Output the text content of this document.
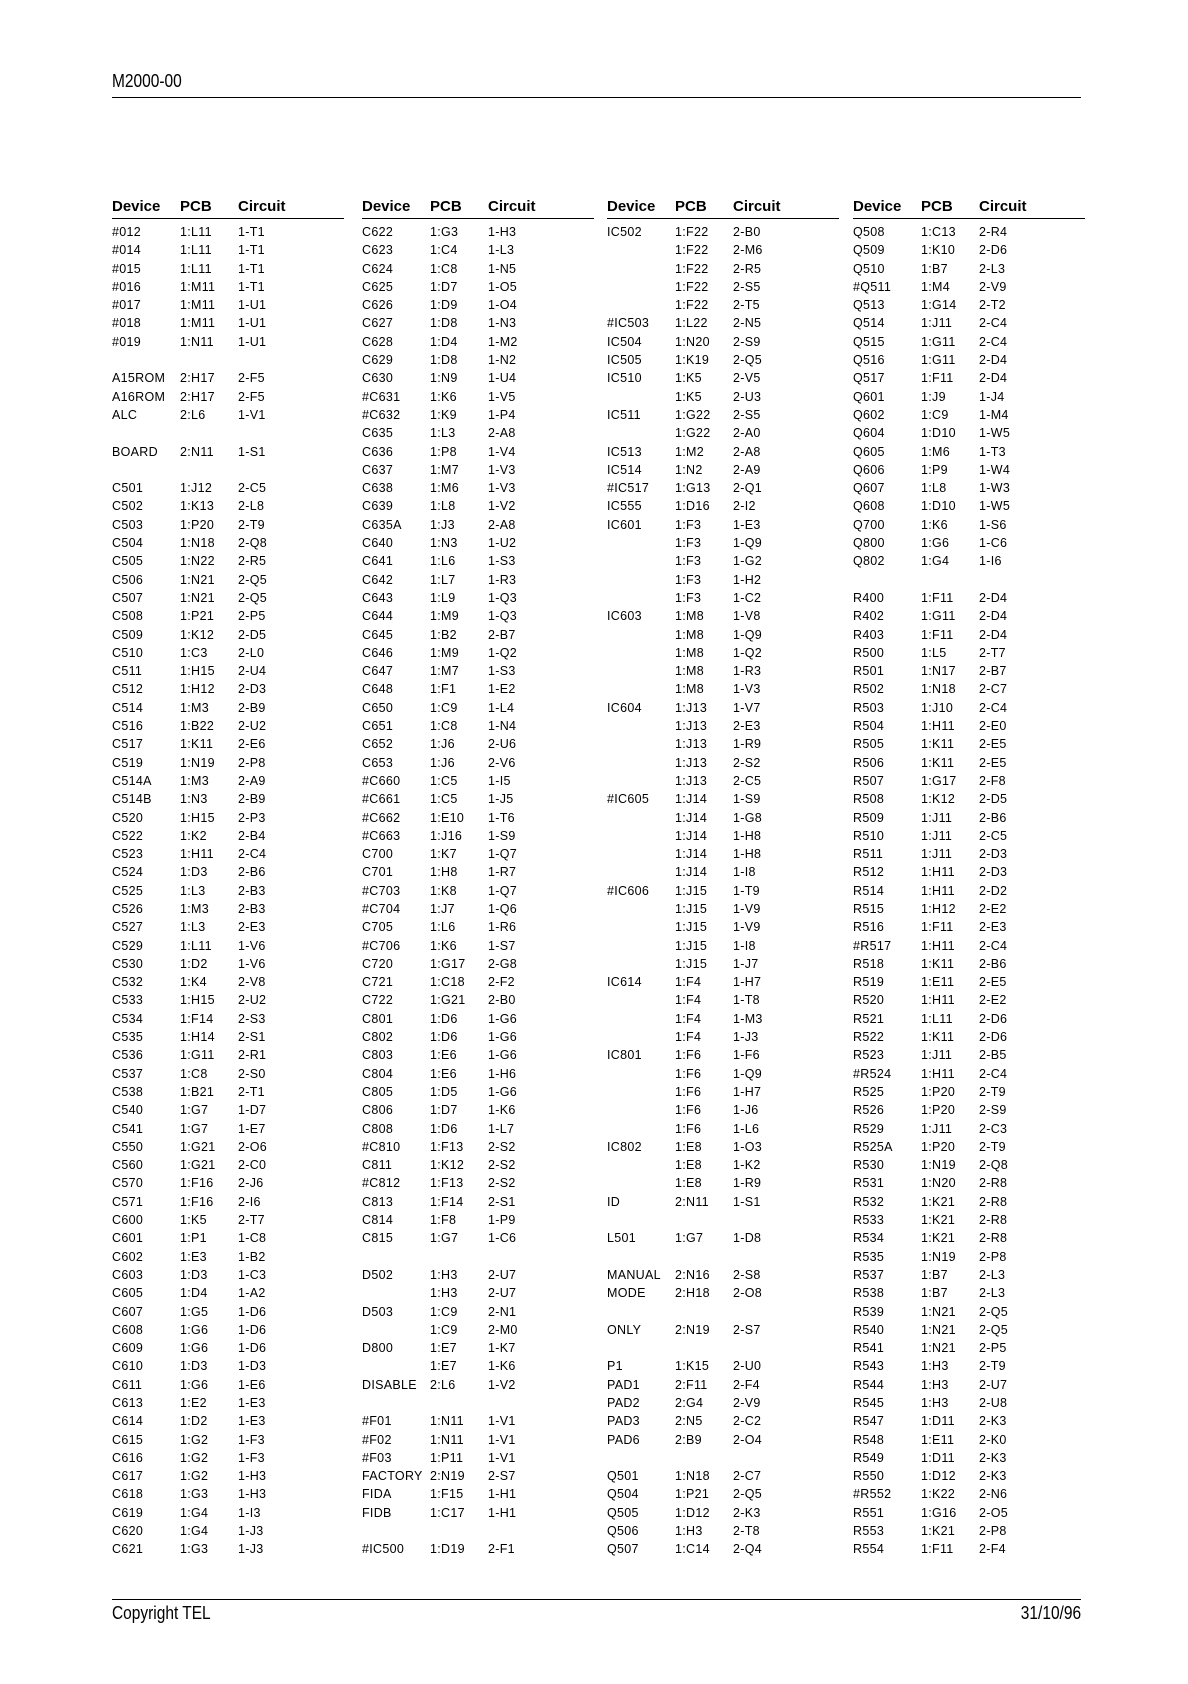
M2000-00
Device PCB Circuit
#012	1:L11 1-T1
#014	1:L11 1-T1
#015	1:L11 1-T1
#016	1:M11 1-T1
#017	1:M11 1-U1
#018	1:M11 1-U1
#019	1:N11 1-U1
A15ROM 2:H17 2-F5
A16ROM 2:H17 2-F5
ALC	2:L6	1-V1
BOARD 2:N11 1-S1
C501	1:J12 2-C5
C502	1:K13 2-L8
C503	1:P20 2-T9
C504	1:N18 2-Q8
C505	1:N22 2-R5
C506	1:N21 2-Q5
C507	1:N21 2-Q5
C508	1:P21 2-P5
C509	1:K12 2-D5
C510	1:C3 2-L0
C511	1:H15 2-U4
C512	1:H12 2-D3
C514	1:M3 2-B9
C516	1:B22 2-U2
C517	1:K11 2-E6
C519	1:N19 2-P8
C514A 1:M3 2-A9
C514B 1:N3 2-B9
C520	1:H15 2-P3
C522	1:K2 2-B4
C523	1:H11 2-C4
C524	1:D3 2-B6
C525	1:L3	2-B3
C526	1:M3 2-B3
C527	1:L3	2-E3
C529	1:L11 1-V6
C530	1:D2 1-V6
C532	1:K4 2-V8
C533	1:H15 2-U2
C534	1:F14 2-S3
C535	1:H14 2-S1
C536	1:G11 2-R1
C537	1:C8 2-S0
C538	1:B21 2-T1
C540	1:G7 1-D7
C541	1:G7 1-E7
C550	1:G21 2-O6
C560	1:G21 2-C0
C570	1:F16 2-J6
C571	1:F16 2-I6
C600	1:K5 2-T7
C601	1:P1 1-C8
C602	1:E3 1-B2
C603	1:D3 1-C3
C605	1:D4 1-A2
C607	1:G5 1-D6
C608	1:G6 1-D6
C609	1:G6 1-D6
C610	1:D3 1-D3
C611	1:G6 1-E6
C613	1:E2 1-E3
C614	1:D2 1-E3
C615	1:G2 1-F3
C616	1:G2 1-F3
C617	1:G2 1-H3
C618	1:G3 1-H3
C619	1:G4 1-I3
C620	1:G4 1-J3
C621	1:G3 1-J3
Device PCB Circuit
C622	1:G3 1-H3
C623	1:C4 1-L3
C624	1:C8 1-N5
C625	1:D7 1-O5
C626	1:D9 1-O4
C627	1:D8 1-N3
C628	1:D4 1-M2
C629	1:D8 1-N2
C630	1:N9 1-U4
#C631 1:K6 1-V5
#C632 1:K9 1-P4
C635	1:L3	2-A8
C636	1:P8 1-V4
C637	1:M7 1-V3
C638	1:M6 1-V3
C639	1:L8	1-V2
C635A 1:J3	2-A8
C640	1:N3 1-U2
C641	1:L6	1-S3
C642	1:L7	1-R3
C643	1:L9	1-Q3
C644	1:M9 1-Q3
C645	1:B2 2-B7
C646	1:M9 1-Q2
C647	1:M7 1-S3
C648	1:F1	1-E2
C650	1:C9 1-L4
C651	1:C8 1-N4
C652	1:J6	2-U6
C653	1:J6	2-V6
#C660 1:C5 1-I5
#C661 1:C5 1-J5
#C662 1:E10 1-T6
#C663 1:J16 1-S9
C700	1:K7 1-Q7
C701	1:H8 1-R7
#C703 1:K8 1-Q7
#C704 1:J7	1-Q6
C705	1:L6	1-R6
#C706 1:K6 1-S7
C720	1:G17 2-G8
C721	1:C18 2-F2
C722	1:G21 2-B0
C801	1:D6 1-G6
C802	1:D6 1-G6
C803	1:E6 1-G6
C804	1:E6 1-H6
C805	1:D5 1-G6
C806	1:D7 1-K6
C808	1:D6 1-L7
#C810 1:F13 2-S2
C811	1:K12 2-S2
#C812 1:F13 2-S2
C813	1:F14 2-S1
C814	1:F8	1-P9
C815	1:G7 1-C6
D502	1:H3 2-U7
1:H3 2-U7
D503	1:C9 2-N1
1:C9 2-M0
D800	1:E7 1-K7
1:E7 1-K6
DISABLE 2:L6	1-V2
#F01	1:N11 1-V1
#F02	1:N11 1-V1
#F03	1:P11 1-V1
FACTORY 2:N19 2-S7
FIDA	1:F15 1-H1
FIDB	1:C17 1-H1
#IC500 1:D19 2-F1
Device PCB Circuit
IC502	1:F22 2-B0
1:F22 2-M6
1:F22 2-R5
1:F22 2-S5
1:F22 2-T5
#IC503 1:L22 2-N5
IC504	1:N20 2-S9
IC505	1:K19 2-Q5
IC510	1:K5 2-V5
1:K5 2-U3
IC511	1:G22 2-S5
1:G22 2-A0
IC513	1:M2 2-A8
IC514	1:N2 2-A9
#IC517 1:G13 2-Q1
IC555	1:D16 2-I2
IC601	1:F3	1-E3
1:F3	1-Q9
1:F3	1-G2
1:F3	1-H2
1:F3	1-C2
IC603	1:M8 1-V8
1:M8 1-Q9
1:M8 1-Q2
1:M8 1-R3
1:M8 1-V3
IC604	1:J13 1-V7
1:J13 2-E3
1:J13 1-R9
1:J13 2-S2
1:J13 2-C5
#IC605 1:J14 1-S9
1:J14 1-G8
1:J14 1-H8
1:J14 1-H8
1:J14 1-I8
#IC606 1:J15 1-T9
1:J15 1-V9
1:J15 1-V9
1:J15 1-I8
1:J15 1-J7
IC614	1:F4	1-H7
1:F4	1-T8
1:F4	1-M3
1:F4	1-J3
IC801	1:F6	1-F6
1:F6	1-Q9
1:F6	1-H7
1:F6	1-J6
1:F6	1-L6
IC802	1:E8 1-O3
1:E8 1-K2
1:E8 1-R9
ID	2:N11 1-S1
L501	1:G7 1-D8
MANUAL 2:N16 2-S8
MODE 2:H18 2-O8
ONLY	2:N19 2-S7
P1	1:K15 2-U0
PAD1	2:F11 2-F4
PAD2	2:G4 2-V9
PAD3	2:N5 2-C2
PAD6	2:B9 2-O4
Q501	1:N18 2-C7
Q504	1:P21 2-Q5
Q505	1:D12 2-K3
Q506	1:H3 2-T8
Q507	1:C14 2-Q4
Device PCB Circuit
Q508	1:C13 2-R4
Q509	1:K10 2-D6
Q510	1:B7 2-L3
#Q511 1:M4 2-V9
Q513	1:G14 2-T2
Q514	1:J11 2-C4
Q515	1:G11 2-C4
Q516	1:G11 2-D4
Q517	1:F11 2-D4
Q601	1:J9	1-J4
Q602	1:C9 1-M4
Q604	1:D10 1-W5
Q605	1:M6 1-T3
Q606	1:P9 1-W4
Q607	1:L8	1-W3
Q608	1:D10 1-W5
Q700	1:K6 1-S6
Q800	1:G6 1-C6
Q802	1:G4 1-I6
R400	1:F11 2-D4
R402	1:G11 2-D4
R403	1:F11 2-D4
R500	1:L5	2-T7
R501	1:N17 2-B7
R502	1:N18 2-C7
R503	1:J10 2-C4
R504	1:H11 2-E0
R505	1:K11 2-E5
R506	1:K11 2-E5
R507	1:G17 2-F8
R508	1:K12 2-D5
R509	1:J11 2-B6
R510	1:J11 2-C5
R511	1:J11 2-D3
R512	1:H11 2-D3
R514	1:H11 2-D2
R515	1:H12 2-E2
R516	1:F11 2-E3
#R517 1:H11 2-C4
R518	1:K11 2-B6
R519	1:E11 2-E5
R520	1:H11 2-E2
R521	1:L11 2-D6
R522	1:K11 2-D6
R523	1:J11 2-B5
#R524 1:H11 2-C4
R525	1:P20 2-T9
R526	1:P20 2-S9
R529	1:J11 2-C3
R525A 1:P20 2-T9
R530	1:N19 2-Q8
R531	1:N20 2-R8
R532	1:K21 2-R8
R533	1:K21 2-R8
R534	1:K21 2-R8
R535	1:N19 2-P8
R537	1:B7 2-L3
R538	1:B7 2-L3
R539	1:N21 2-Q5
R540	1:N21 2-Q5
R541	1:N21 2-P5
R543	1:H3 2-T9
R544	1:H3 2-U7
R545	1:H3 2-U8
R547	1:D11 2-K3
R548	1:E11 2-K0
R549	1:D11 2-K3
R550	1:D12 2-K3
#R552 1:K22 2-N6
R551	1:G16 2-O5
R553	1:K21 2-P8
R554	1:F11 2-F4
Copyright TEL	31/10/96
